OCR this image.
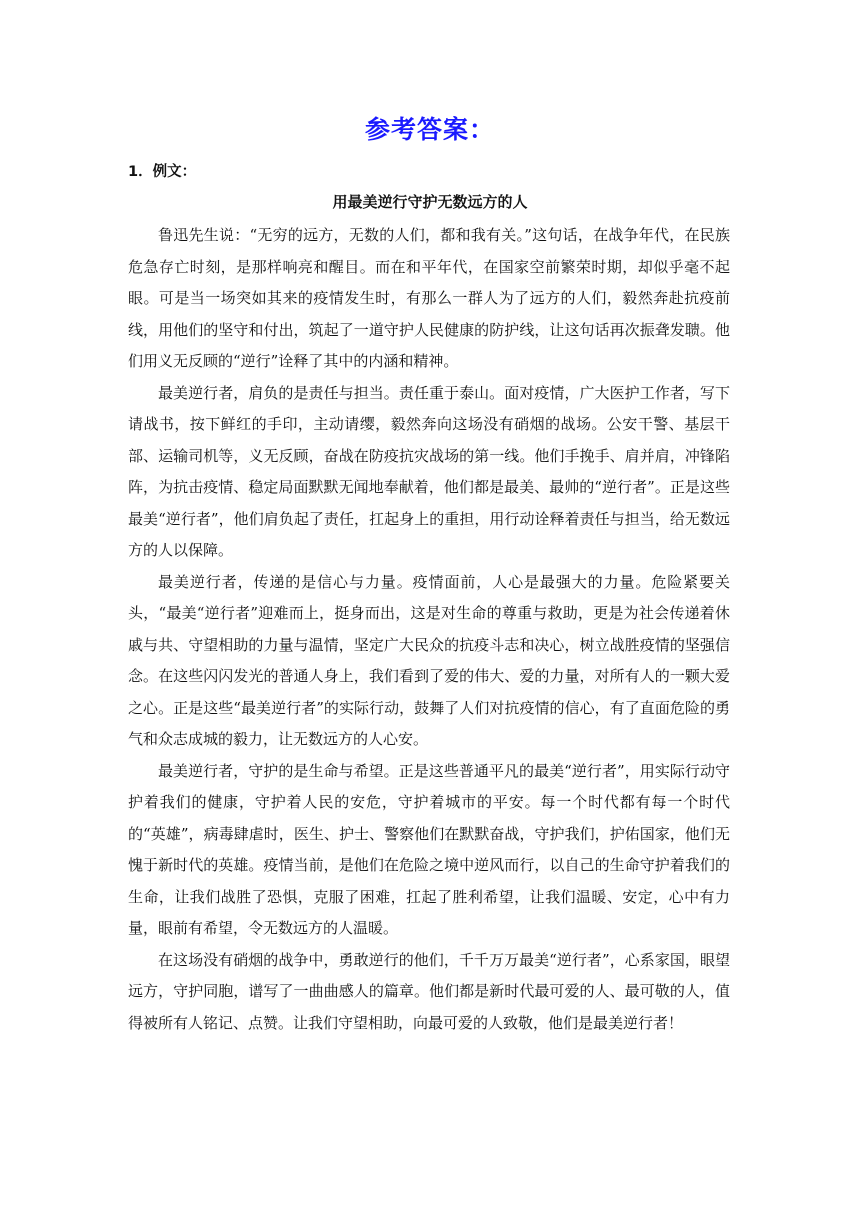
参考答案：
1．例文：
用最美逆行守护无数远方的人

鲁迅先生说：“无穷的远方，无数的人们，都和我有关。”这句话，在战争年代，在民族危急存亡时刻，是那样响亮和醒目。而在和平年代，在国家空前繁荣时期，却似乎毫不起眼。可是当一场突如其来的疫情发生时，有那么一群人为了远方的人们，毅然奔赴抗疫前线，用他们的坚守和付出，筑起了一道守护人民健康的防护线，让这句话再次振聋发聩。他们用义无反顾的“逆行”诠释了其中的内涵和精神。

最美逆行者，肩负的是责任与担当。责任重于泰山。面对疫情，广大医护工作者，写下请战书，按下鲜红的手印，主动请缨，毅然奔向这场没有硝烟的战场。公安干警、基层干部、运输司机等，义无反顾，奋战在防疫抗灾战场的第一线。他们手挽手、肩并肩，冲锋陷阵，为抗击疫情、稳定局面默默无闻地奉献着，他们都是最美、最帅的“逆行者”。正是这些最美“逆行者”，他们肩负起了责任，扛起身上的重担，用行动诠释着责任与担当，给无数远方的人以保障。

最美逆行者，传递的是信心与力量。疫情面前，人心是最强大的力量。危险紧要关头，“最美“逆行者”迎难而上，挺身而出，这是对生命的尊重与救助，更是为社会传递着休戚与共、守望相助的力量与温情，坚定广大民众的抗疫斗志和决心，树立战胜疫情的坚强信念。在这些闪闪发光的普通人身上，我们看到了爱的伟大、爱的力量，对所有人的一颗大爱之心。正是这些“最美逆行者”的实际行动，鼓舞了人们对抗疫情的信心，有了直面危险的勇气和众志成城的毅力，让无数远方的人心安。

最美逆行者，守护的是生命与希望。正是这些普通平凡的最美“逆行者”，用实际行动守护着我们的健康，守护着人民的安危，守护着城市的平安。每一个时代都有每一个时代的“英雄”，病毒肆虐时，医生、护士、警察他们在默默奋战，守护我们，护佑国家，他们无愧于新时代的英雄。疫情当前，是他们在危险之境中逆风而行，以自己的生命守护着我们的生命，让我们战胜了恐惧，克服了困难，扛起了胜利希望，让我们温暖、安定，心中有力量，眼前有希望，令无数远方的人温暖。

在这场没有硝烟的战争中，勇敢逆行的他们，千千万万最美“逆行者”，心系家国，眼望远方，守护同胞，谱写了一曲曲感人的篇章。他们都是新时代最可爱的人、最可敬的人，值得被所有人铭记、点赞。让我们守望相助，向最可爱的人致敬，他们是最美逆行者！
